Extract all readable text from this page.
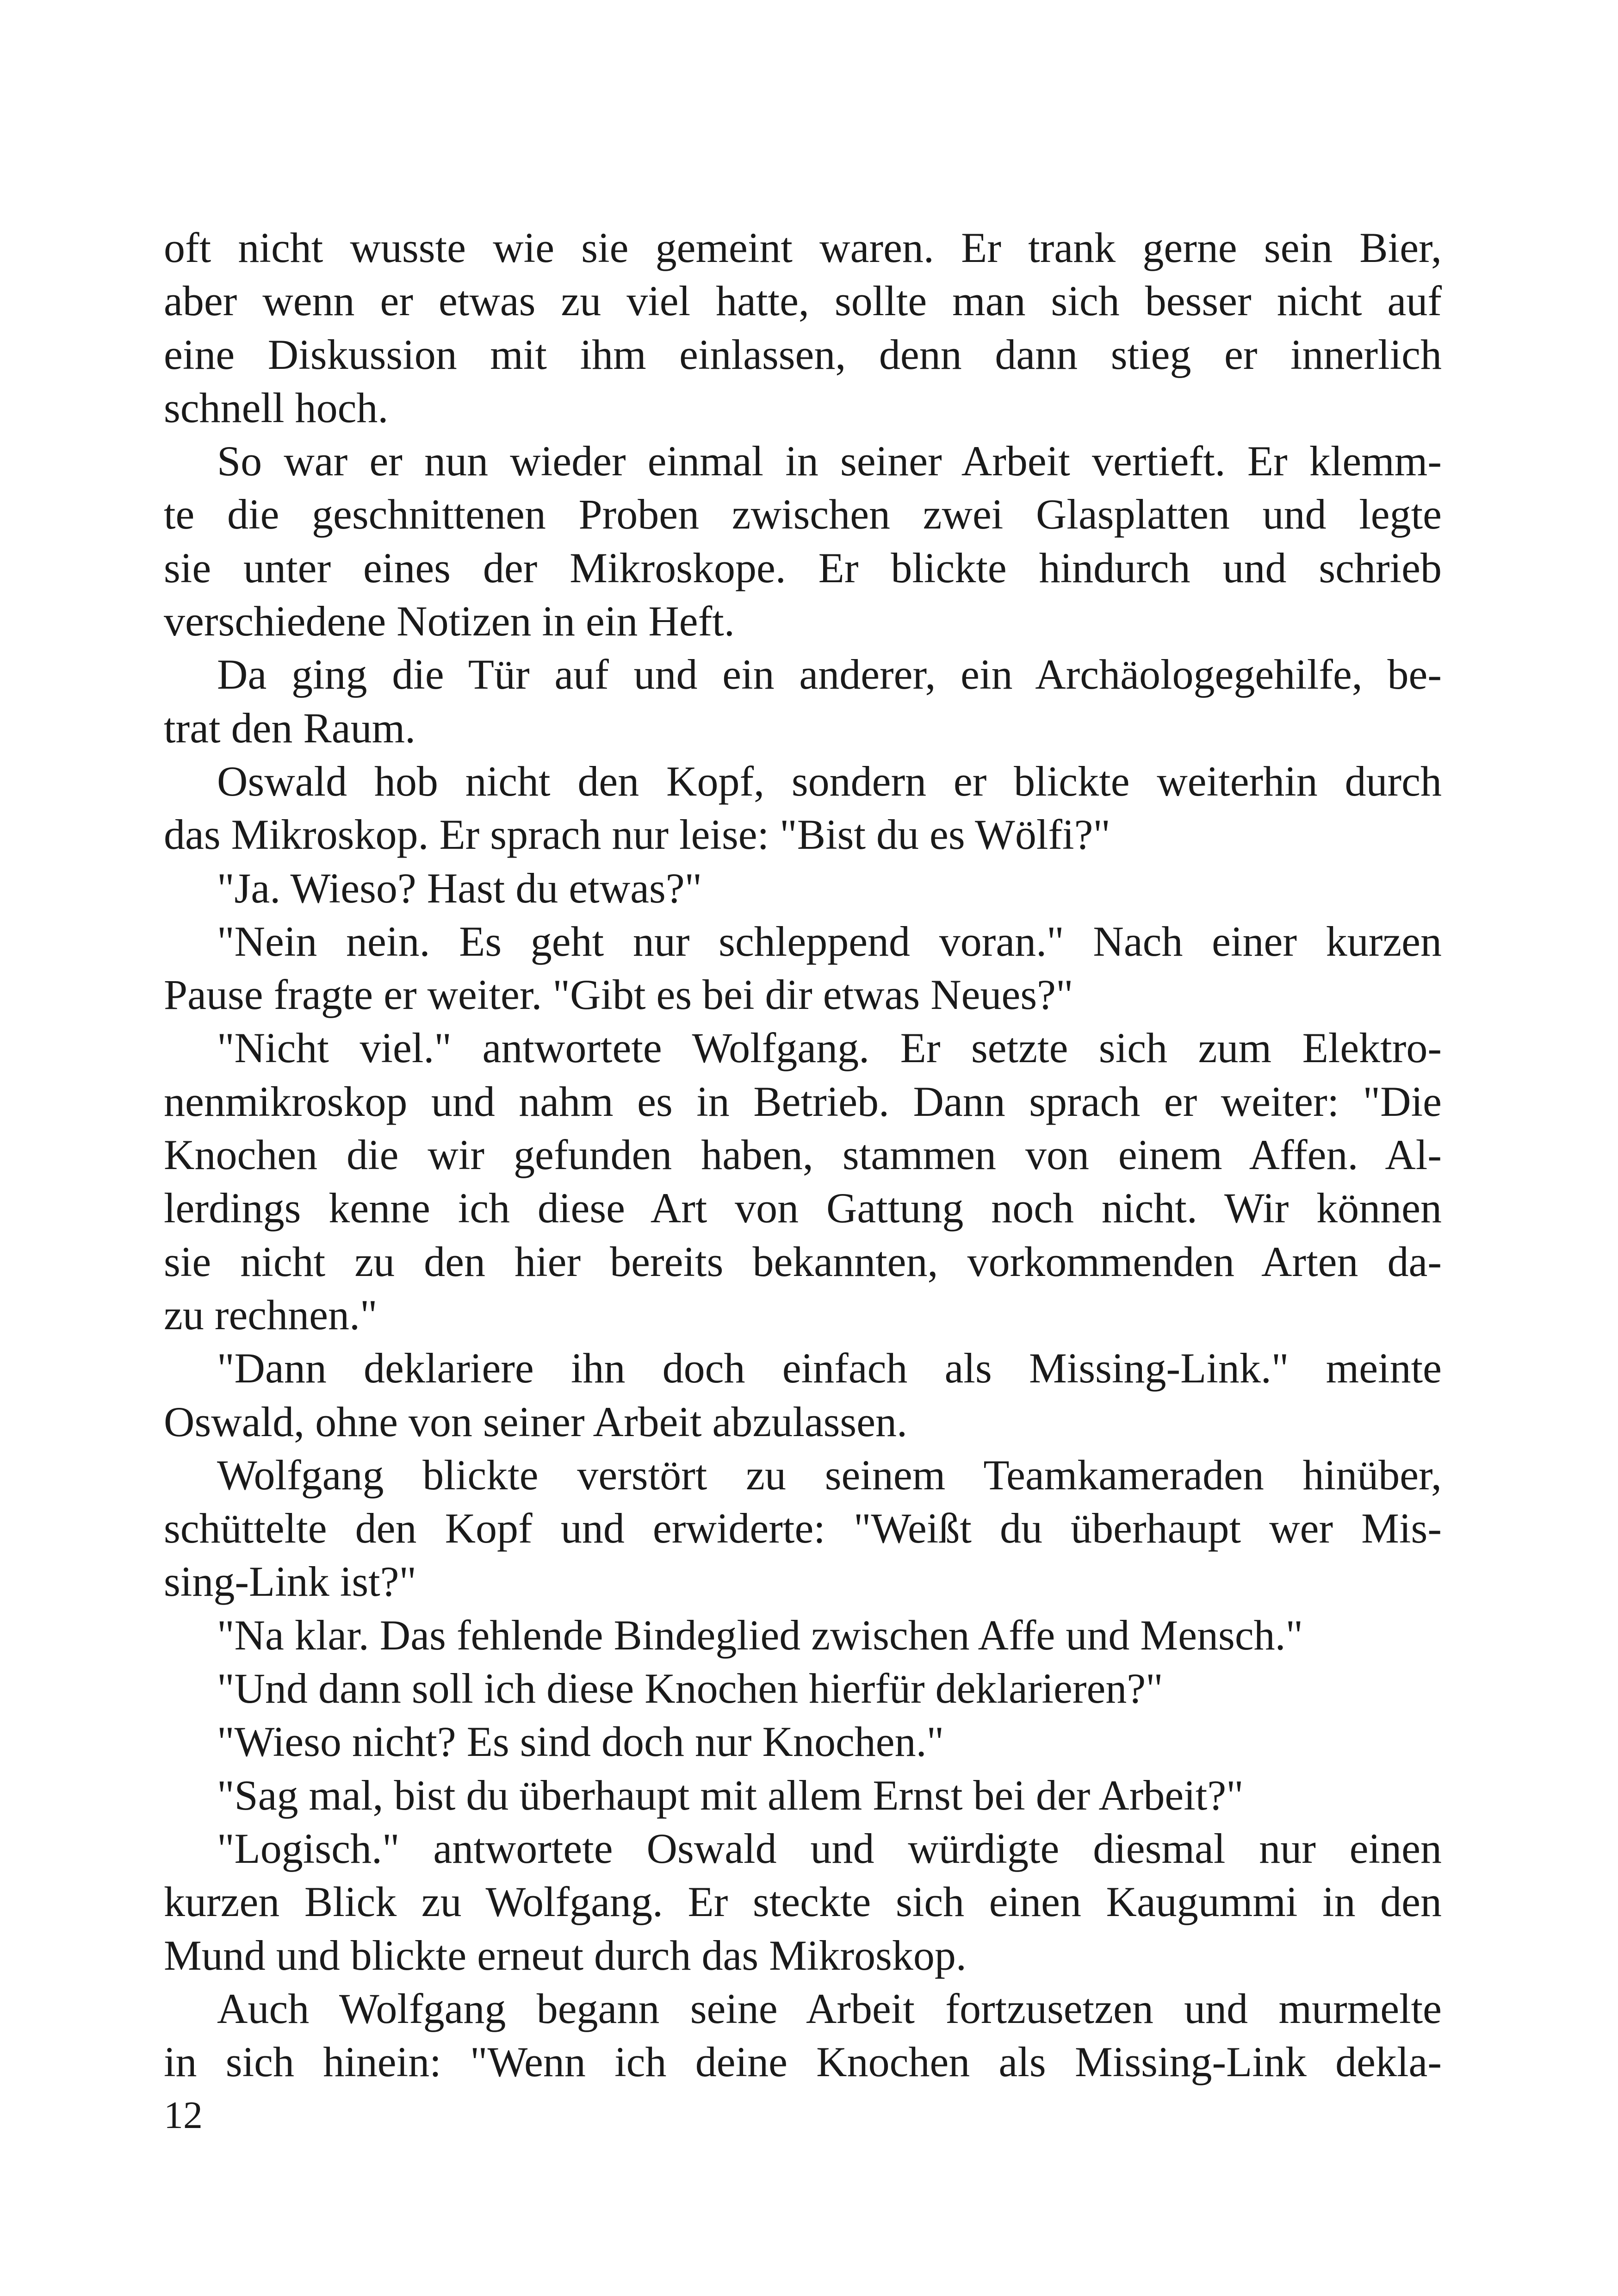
oft nicht wusste wie sie gemeint waren. Er trank gerne sein Bier,
aber wenn er etwas zu viel hatte, sollte man sich besser nicht auf
eine Diskussion mit ihm einlassen, denn dann stieg er innerlich
schnell hoch.
So war er nun wieder einmal in seiner Arbeit vertieft. Er klemm-
te die geschnittenen Proben zwischen zwei Glasplatten und legte
sie unter eines der Mikroskope. Er blickte hindurch und schrieb
verschiedene Notizen in ein Heft.
Da ging die Tür auf und ein anderer, ein Archäologegehilfe, be-
trat den Raum.
Oswald hob nicht den Kopf, sondern er blickte weiterhin durch
das Mikroskop. Er sprach nur leise: "Bist du es Wölfi?"
"Ja. Wieso? Hast du etwas?"
"Nein nein. Es geht nur schleppend voran." Nach einer kurzen
Pause fragte er weiter. "Gibt es bei dir etwas Neues?"
"Nicht viel." antwortete Wolfgang. Er setzte sich zum Elektro-
nenmikroskop und nahm es in Betrieb. Dann sprach er weiter: "Die
Knochen die wir gefunden haben, stammen von einem Affen. Al-
lerdings kenne ich diese Art von Gattung noch nicht. Wir können
sie nicht zu den hier bereits bekannten, vorkommenden Arten da-
zu rechnen."
"Dann deklariere ihn doch einfach als Missing-Link." meinte
Oswald, ohne von seiner Arbeit abzulassen.
Wolfgang blickte verstört zu seinem Teamkameraden hinüber,
schüttelte den Kopf und erwiderte: "Weißt du überhaupt wer Mis-
sing-Link ist?"
"Na klar. Das fehlende Bindeglied zwischen Affe und Mensch."
"Und dann soll ich diese Knochen hierfür deklarieren?"
"Wieso nicht? Es sind doch nur Knochen."
"Sag mal, bist du überhaupt mit allem Ernst bei der Arbeit?"
"Logisch." antwortete Oswald und würdigte diesmal nur einen
kurzen Blick zu Wolfgang. Er steckte sich einen Kaugummi in den
Mund und blickte erneut durch das Mikroskop.
Auch Wolfgang begann seine Arbeit fortzusetzen und murmelte
in sich hinein: "Wenn ich deine Knochen als Missing-Link dekla-
12
